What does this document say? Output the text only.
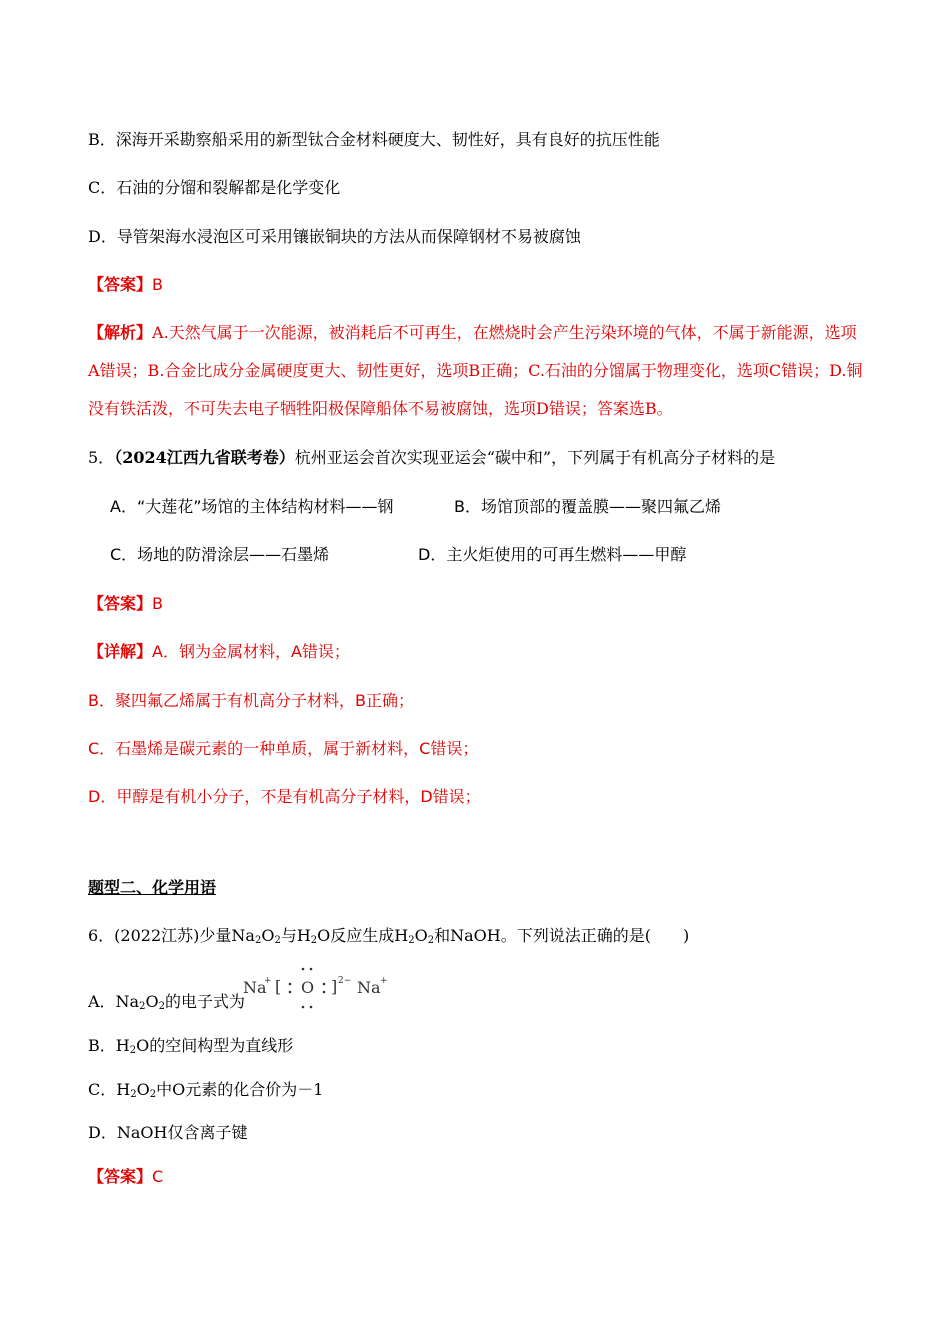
B．深海开采勘察船采用的新型钛合金材料硬度大、韧性好，具有良好的抗压性能
C．石油的分馏和裂解都是化学变化
D．导管架海水浸泡区可采用镶嵌铜块的方法从而保障钢材不易被腐蚀
【答案】B
【解析】A.天然气属于一次能源，被消耗后不可再生，在燃烧时会产生污染环境的气体，不属于新能源，选项A错误；B.合金比成分金属硬度更大、韧性更好，选项B正确；C.石油的分馏属于物理变化，选项C错误；D.铜没有铁活泼，不可失去电子牺牲阳极保障船体不易被腐蚀，选项D错误；答案选B。
5．（2024江西九省联考卷）杭州亚运会首次实现亚运会“碳中和”，下列属于有机高分子材料的是
A．“大莲花”场馆的主体结构材料——钢	B．场馆顶部的覆盖膜——聚四氟乙烯
C．场地的防滑涂层——石墨烯	D．主火炬使用的可再生燃料——甲醇
【答案】B
【详解】A．钢为金属材料，A错误；
B．聚四氟乙烯属于有机高分子材料，B正确；
C．石墨烯是碳元素的一种单质，属于新材料，C错误；
D．甲醇是有机小分子，不是有机高分子材料，D错误；
题型二、化学用语
6．(2022江苏)少量$Na_2O_2$与$H_2O$反应生成$H_2O_2$和NaOH。下列说法正确的是(　　)
A．$Na_2O_2$的电子式为
Na
+ [ O ] 2− Na +
B．$H_2O$的空间构型为直线形
C．$H_2O_2$中O元素的化合价为－1
D．NaOH仅含离子键
【答案】C
